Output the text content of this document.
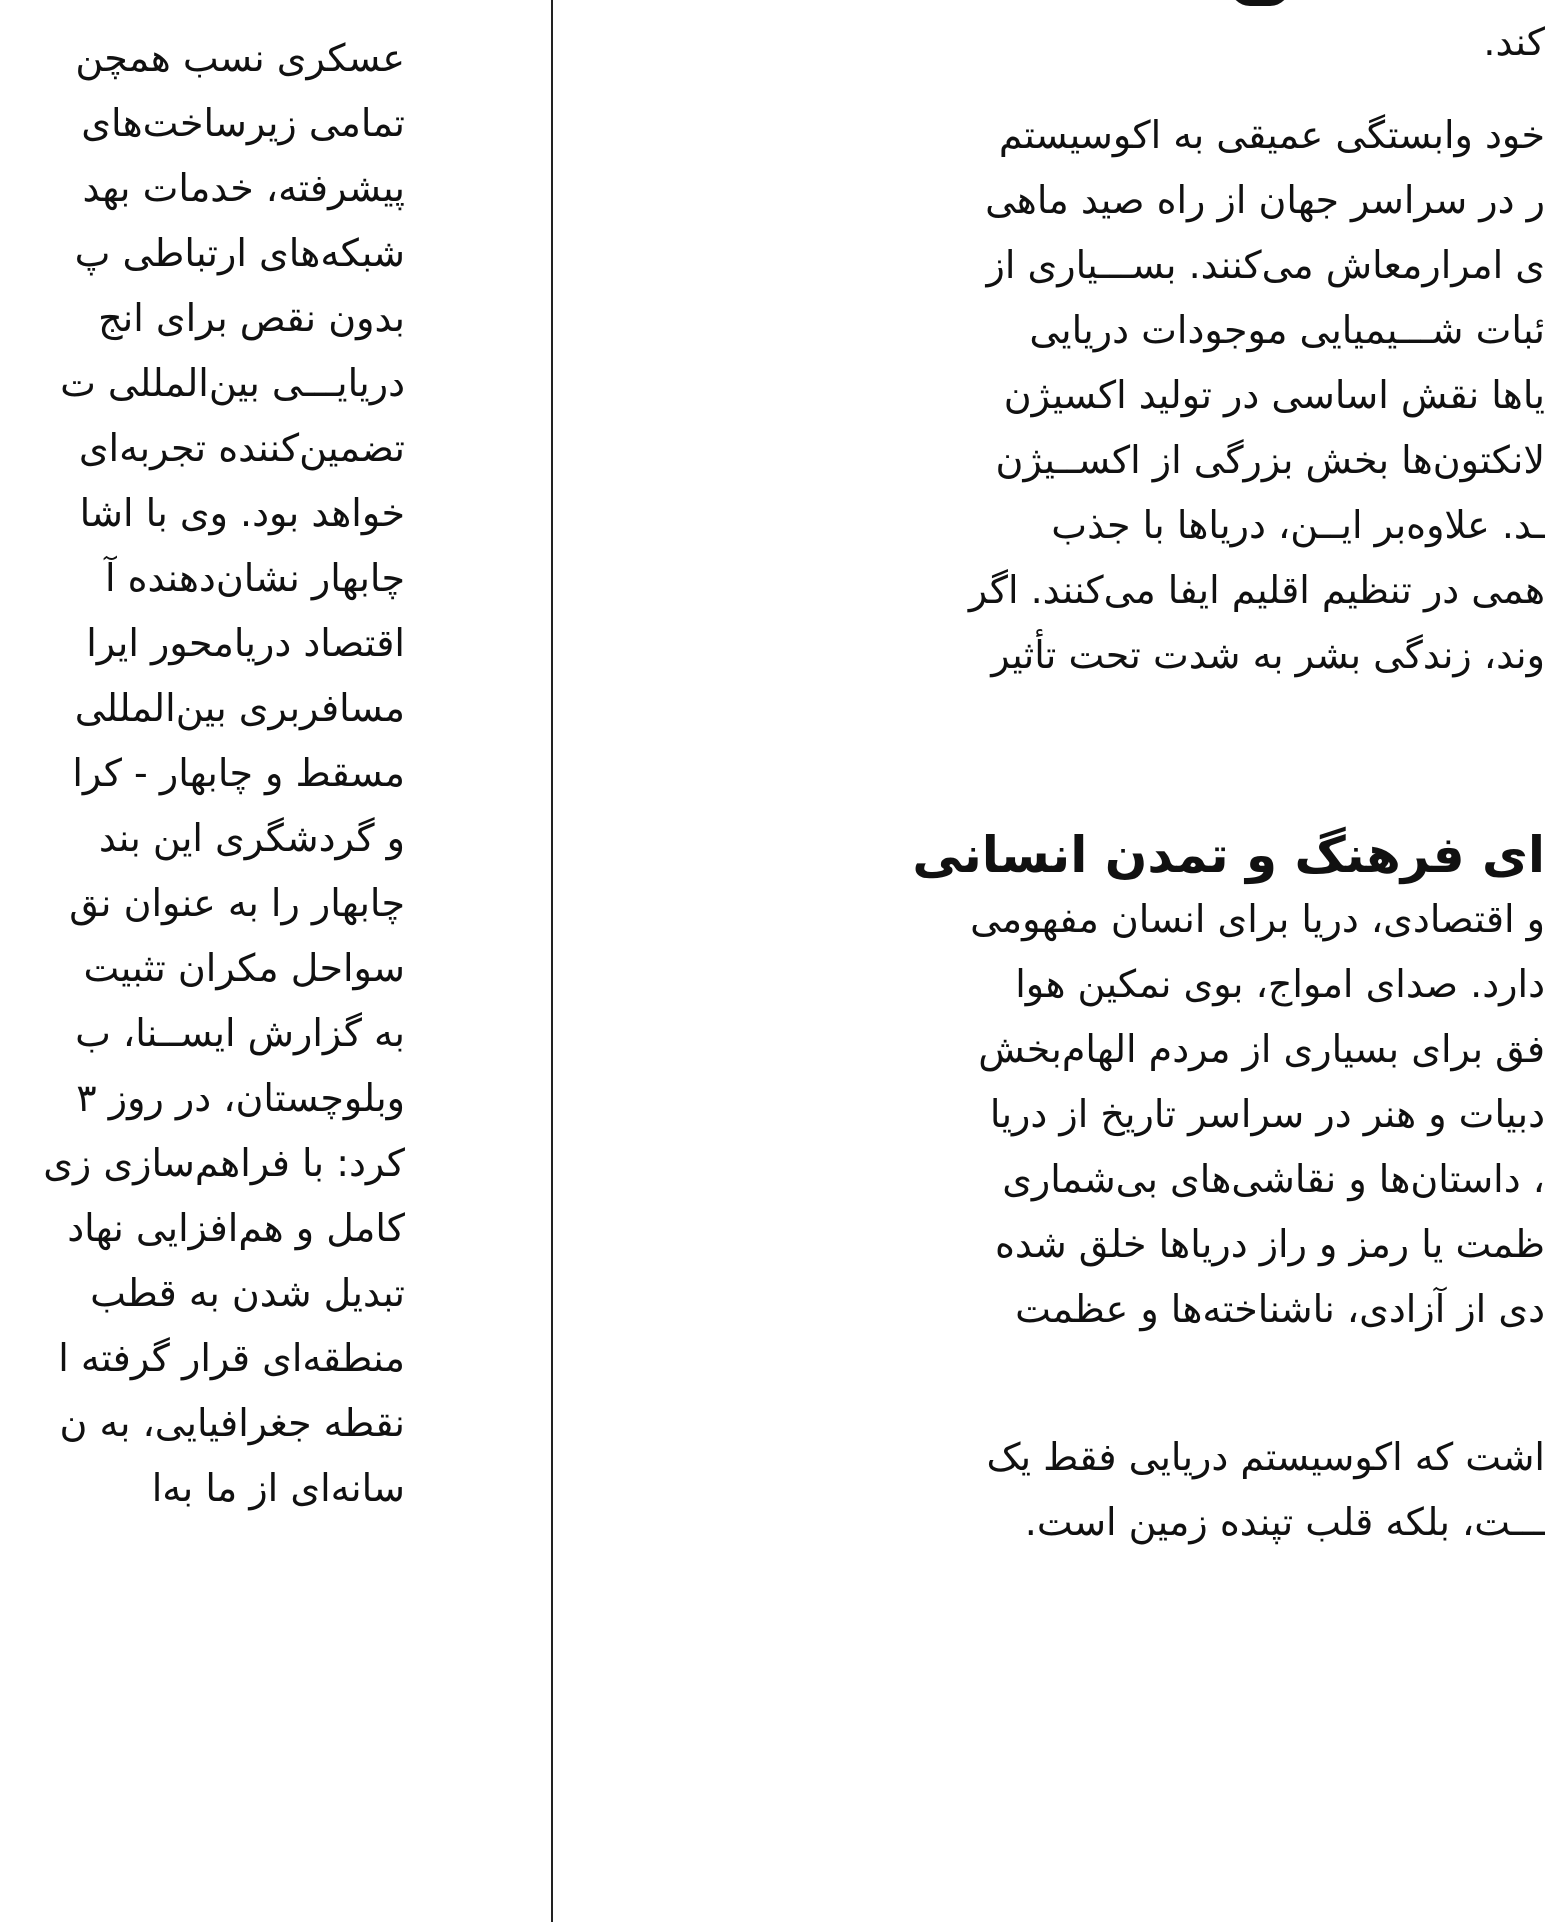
عسکری نسب همچن
تمامی زیرساخت‌های
پیشرفته، خدمات بهد
شبکه‌های ارتباطی پ
بدون نقص برای انج
دریایـــی بین‌المللی ت
تضمین‌کننده تجربه‌ای
خواهد بود. وی با اشا
چابهار نشان‌دهنده آ
اقتصاد دریامحور ایرا
مسافربری بین‌المللی
مسقط و چابهار - کرا
و گردشگری این بند
چابهار را به عنوان نق
سواحل مکران تثبیت
به گزارش ایســنا، ب
وبلوچستان، در روز ۳
کرد: با فراهم‌سازی زی
کامل و هم‌افزایی نهاد
تبدیل شدن به قطب
منطقه‌ای قرار گرفته ا
نقطه جغرافیایی، به ن
سانه‌ای از ما به‌ا
کند.
خود وابستگی عمیقی به اکوسیستم
ر در سراسر جهان از راه صید ماهی
ی امرارمعاش می‌کنند. بســـیاری از
ئبات شـــیمیایی موجودات دریایی
یاها نقش اساسی در تولید اکسیژن
لانکتون‌ها بخش بزرگی از اکســیژن
ـد. علاوه‌بر ایــن، دریاها با جذب
همی در تنظیم اقلیم ایفا می‌کنند. اگر
وند، زندگی بشر به شدت تحت تأثیر
ای فرهنگ و تمدن انسانی
و اقتصادی، دریا برای انسان مفهومی
دارد. صدای امواج، بوی نمکین هوا
فق برای بسیاری از مردم الهام‌بخش
دبیات و هنر در سراسر تاریخ از دریا
، داستان‌ها و نقاشی‌های بی‌شماری
ظمت یا رمز و راز دریاها خلق شده
دی از آزادی، ناشناخته‌ها و عظمت
اشت که اکوسیستم دریایی فقط یک
ـــت، بلکه قلب تپنده زمین است.
